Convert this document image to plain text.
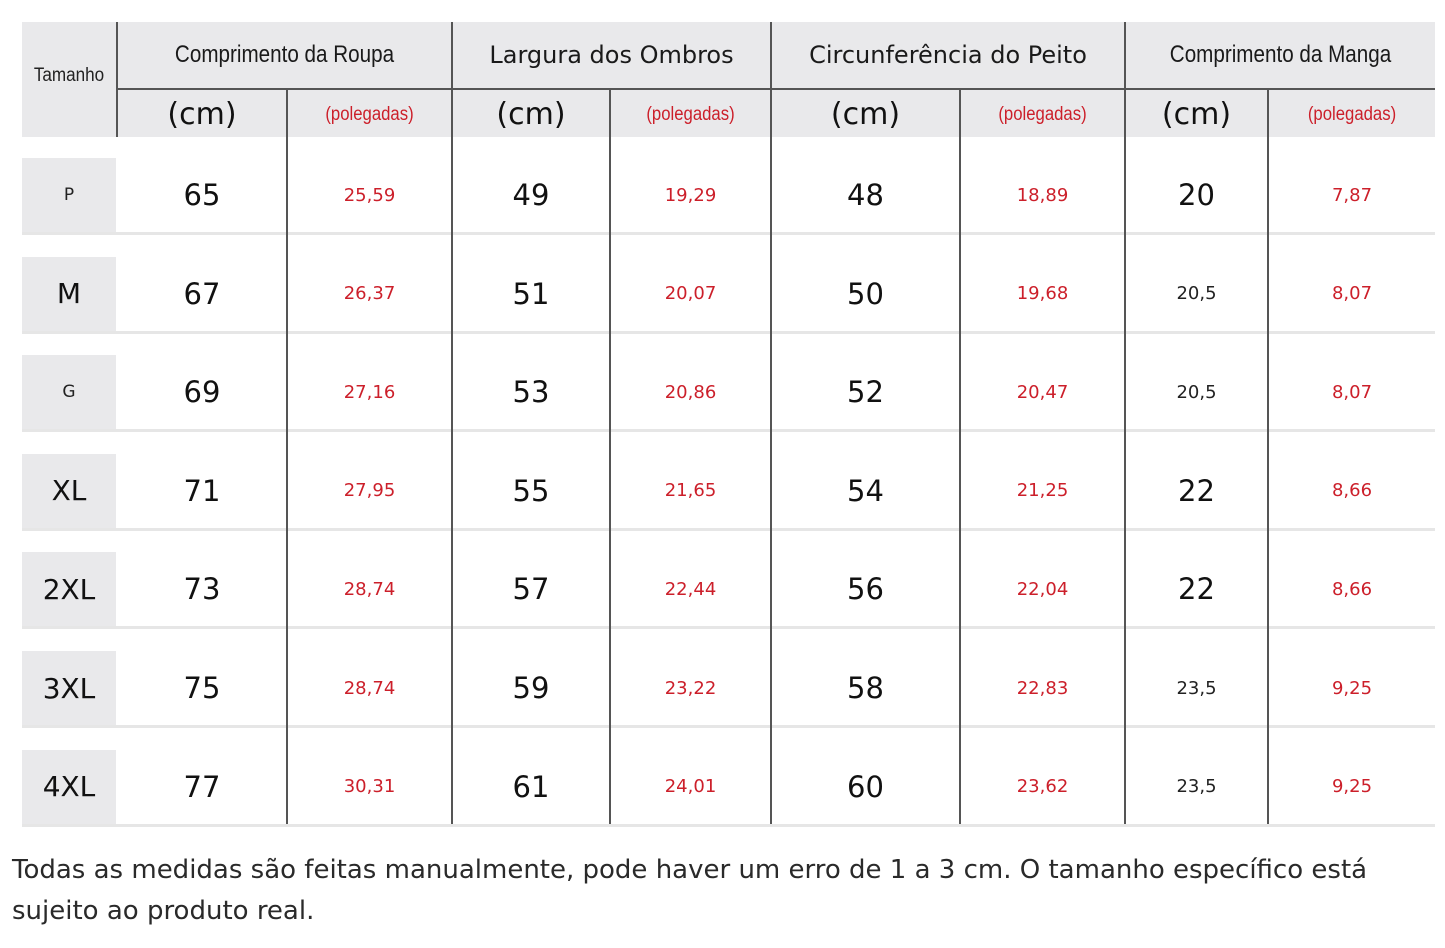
P	65	25,59	49	19,29	48	18,89	20	7,87
M	67	26,37	51	20,07	50	19,68	20,5	8,07
G	69	27,16	53	20,86	52	20,47	20,5	8,07
XL	71	27,95	55	21,65	54	21,25	22	8,66
2XL	73	28,74	57	22,44	56	22,04	22	8,66
3XL	75	28,74	59	23,22	58	22,83	23,5	9,25
4XL	77	30,31	61	24,01	60	23,62	23,5	9,25
Tamanho
Comprimento da Roupa	Largura dos Ombros	Circunferência do Peito	Comprimento da Manga
(cm)	(polegadas)	(cm)	(polegadas)	(cm)	(polegadas)	(cm)	(polegadas)
Todas as medidas são feitas manualmente, pode haver um erro de 1 a 3 cm. O tamanho específico está sujeito ao produto real.
